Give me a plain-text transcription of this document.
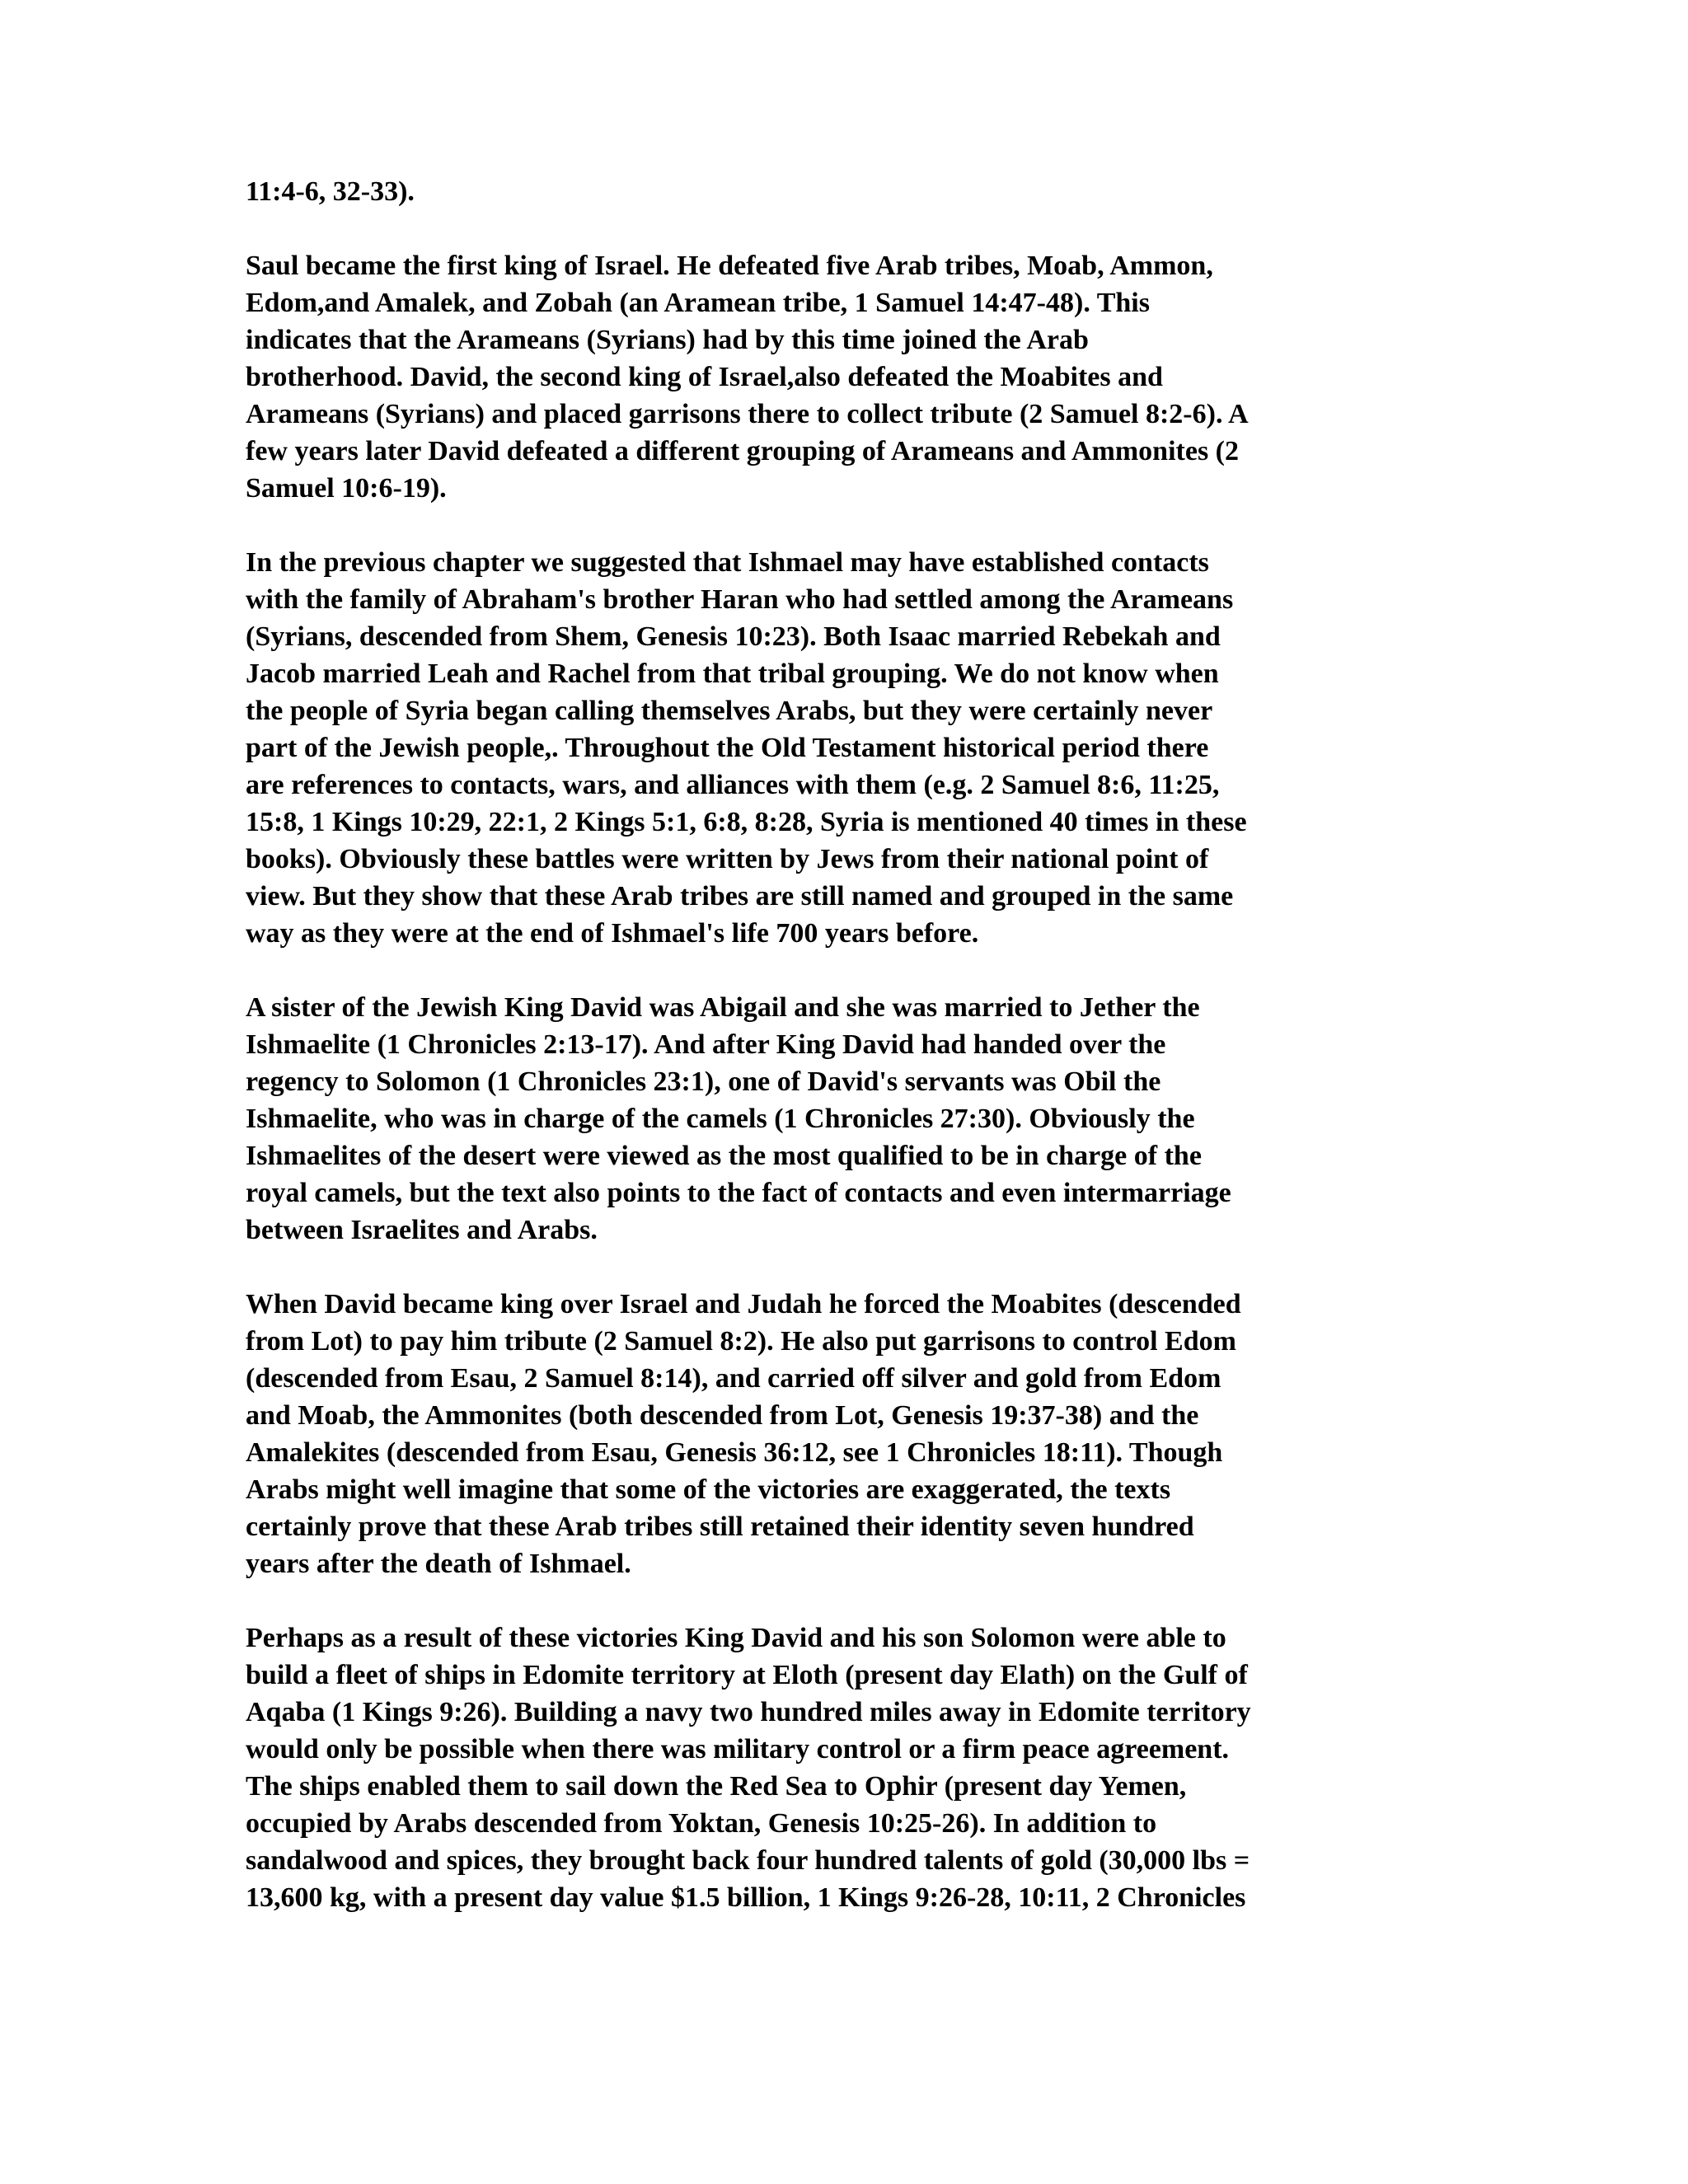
11:4-6, 32-33).

Saul became the first king of Israel. He defeated five Arab tribes, Moab, Ammon,
Edom,and Amalek, and Zobah (an Aramean tribe, 1 Samuel 14:47-48). This
indicates that the Arameans (Syrians) had by this time joined the Arab
brotherhood. David, the second king of Israel,also defeated the Moabites and
Arameans (Syrians) and placed garrisons there to collect tribute (2 Samuel 8:2-6). A
few years later David defeated a different grouping of Arameans and Ammonites (2
Samuel 10:6-19).

In the previous chapter we suggested that Ishmael may have established contacts
with the family of Abraham's brother Haran who had settled among the Arameans
(Syrians, descended from Shem, Genesis 10:23). Both Isaac married Rebekah and
Jacob married Leah and Rachel from that tribal grouping. We do not know when
the people of Syria began calling themselves Arabs, but they were certainly never
part of the Jewish people,. Throughout the Old Testament historical period there
are references to contacts, wars, and alliances with them (e.g. 2 Samuel 8:6, 11:25,
15:8, 1 Kings 10:29, 22:1, 2 Kings 5:1, 6:8, 8:28, Syria is mentioned 40 times in these
books). Obviously these battles were written by Jews from their national point of
view. But they show that these Arab tribes are still named and grouped in the same
way as they were at the end of Ishmael's life 700 years before.

A sister of the Jewish King David was Abigail and she was married to Jether the
Ishmaelite (1 Chronicles 2:13-17). And after King David had handed over the
regency to Solomon (1 Chronicles 23:1), one of David's servants was Obil the
Ishmaelite, who was in charge of the camels (1 Chronicles 27:30). Obviously the
Ishmaelites of the desert were viewed as the most qualified to be in charge of the
royal camels, but the text also points to the fact of contacts and even intermarriage
between Israelites and Arabs.

When David became king over Israel and Judah he forced the Moabites (descended
from Lot) to pay him tribute (2 Samuel 8:2). He also put garrisons to control Edom
(descended from Esau, 2 Samuel 8:14), and carried off silver and gold from Edom
and Moab, the Ammonites (both descended from Lot, Genesis 19:37-38) and the
Amalekites (descended from Esau, Genesis 36:12, see 1 Chronicles 18:11). Though
Arabs might well imagine that some of the victories are exaggerated, the texts
certainly prove that these Arab tribes still retained their identity seven hundred
years after the death of Ishmael.

Perhaps as a result of these victories King David and his son Solomon were able to
build a fleet of ships in Edomite territory at Eloth (present day Elath) on the Gulf of
Aqaba (1 Kings 9:26). Building a navy two hundred miles away in Edomite territory
would only be possible when there was military control or a firm peace agreement.
The ships enabled them to sail down the Red Sea to Ophir (present day Yemen,
occupied by Arabs descended from Yoktan, Genesis 10:25-26). In addition to
sandalwood and spices, they brought back four hundred talents of gold (30,000 lbs =
13,600 kg, with a present day value $1.5 billion, 1 Kings 9:26-28, 10:11, 2 Chronicles
